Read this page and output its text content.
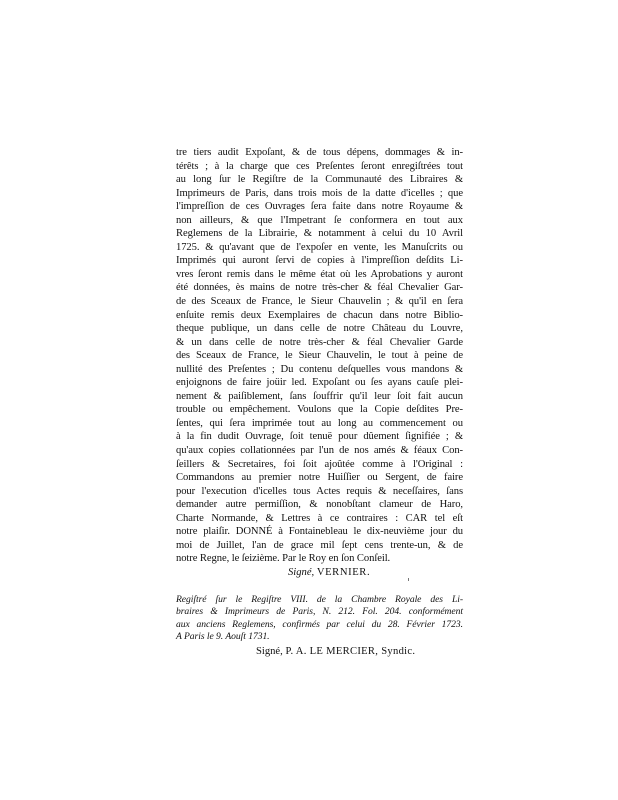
tre tiers audit Expoſant, & de tous dépens, dommages & in-
térêts ; à la charge que ces Preſentes ſeront enregiſtrées tout
au long ſur le Regiſtre de la Communauté des Libraires &
Imprimeurs de Paris, dans trois mois de la datte d'icelles ; que
l'impreſſion de ces Ouvrages ſera faite dans notre Royaume &
non ailleurs, & que l'Impetrant ſe conformera en tout aux
Reglemens de la Librairie, & notamment à celui du 10 Avril
1725. & qu'avant que de l'expoſer en vente, les Manuſcrits ou
Imprimés qui auront ſervi de copies à l'impreſſion deſdits Li-
vres ſeront remis dans le même état où les Aprobations y auront
été données, ès mains de notre très-cher & féal Chevalier Gar-
de des Sceaux de France, le Sieur Chauvelin ; & qu'il en ſera
enſuite remis deux Exemplaires de chacun dans notre Biblio-
theque publique, un dans celle de notre Château du Louvre,
& un dans celle de notre très-cher & féal Chevalier Garde
des Sceaux de France, le Sieur Chauvelin, le tout à peine de
nullité des Preſentes ; Du contenu deſquelles vous mandons &
enjoignons de faire joüir led. Expoſant ou ſes ayans cauſe plei-
nement & paiſiblement, ſans ſouffrir qu'il leur ſoit fait aucun
trouble ou empêchement. Voulons que la Copie deſdites Pre-
ſentes, qui ſera imprimée tout au long au commencement ou
à la fin dudit Ouvrage, ſoit tenuë pour dûement ſignifiée ; &
qu'aux copies collationnées par l'un de nos amés & féaux Con-
ſeillers & Secretaires, foi ſoit ajoûtée comme à l'Original :
Commandons au premier notre Huiſſier ou Sergent, de faire
pour l'execution d'icelles tous Actes requis & neceſſaires, ſans
demander autre permiſſion, & nonobſtant clameur de Haro,
Charte Normande, & Lettres à ce contraires : CAR tel eſt
notre plaiſir. DONNÉ à Fontainebleau le dix-neuvième jour du
moi de Juillet, l'an de grace mil ſept cens trente-un, & de
notre Regne, le ſeizième. Par le Roy en ſon Conſeil.
Signé, VERNIER.
Regiſtré ſur le Regiſtre VIII. de la Chambre Royale des Li-
braires & Imprimeurs de Paris, N. 212. Fol. 204. conformément
aux anciens Reglemens, confirmés par celui du 28. Février 1723.
A Paris le 9. Aouſt 1731.
Signé, P. A. LE MERCIER, Syndic.
